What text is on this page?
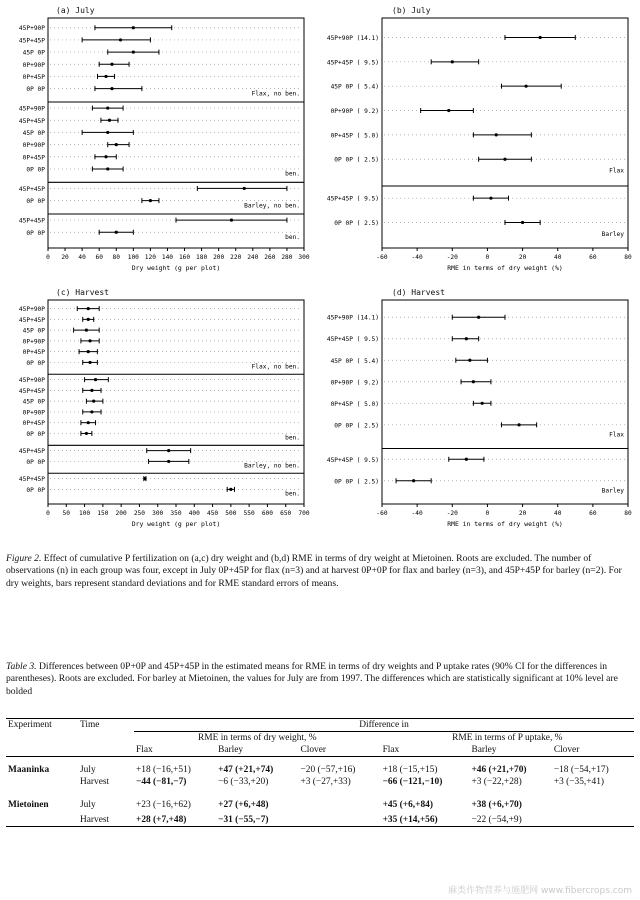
(a) July
45P+90P
45P+45P
45P 0P
0P+90P
0P+45P
0P 0P
Flax, no ben.
45P+90P
45P+45P
45P 0P
0P+90P
0P+45P
0P 0P
ben.
45P+45P
0P 0P
Barley, no ben.
45P+45P
0P 0P
ben.
0 20 40 60 80 100 120 140 160 180 200 220 240 260 280 300
Dry weight (g per plot)
(b) July
45P+90P (14.1)
45P+45P ( 9.5)
45P 0P ( 5.4)
0P+90P ( 9.2)
0P+45P ( 5.0)
0P 0P ( 2.5)
Flax
45P+45P ( 9.5)
0P 0P ( 2.5)
Barley
-60	-40	-20	0	20	40	60	80
RME in terms of dry weight (%)
(c) Harvest
45P+90P
45P+45P
45P 0P
0P+90P
0P+45P
0P 0P	Flax, no ben.
45P+90P
45P+45P
45P 0P
0P+90P
0P+45P
0P 0P	ben.
45P+45P
0P 0P	Barley, no ben.
45P+45P
0P 0P	ben.
0 50 100 150 200 250 300 350 400 450 500 550 600 650 700
Dry weight (g per plot)
(d) Harvest
45P+90P (14.1)
45P+45P ( 9.5)
45P 0P ( 5.4)
0P+90P ( 9.2)
0P+45P ( 5.0)
0P 0P ( 2.5)
Flax
45P+45P ( 9.5)
0P 0P ( 2.5)
Barley
-60	-40	-20	0	20	40	60	80
RME in terms of dry weight (%)
Figure 2. Effect of cumulative P fertilization on (a,c) dry weight and (b,d) RME in terms of dry weight at Mietoinen. Roots are excluded. The number of observations (n) in each group was four, except in July 0P+45P for flax (n=3) and at harvest 0P+0P for flax and barley (n=3), and 45P+45P for barley (n=2). For dry weights, bars represent standard deviations and for RME standard errors of means.
Table 3. Differences between 0P+0P and 45P+45P in the estimated means for RME in terms of dry weights and P uptake rates (90% CI for the differences in parentheses). Roots are excluded. For barley at Mietoinen, the values for July are from 1997. The differences which are statistically significant at 10% level are bolded
Experiment	Time	Difference in					
		RME in terms of dry weight, %			RME in terms of P uptake, %		
		Flax	Barley	Clover	Flax	Barley	Clover
Maaninka	July	+18 (−16,+51)	+47 (+21,+74)	−20 (−57,+16)	+18 (−15,+15)	+46 (+21,+70)	−18 (−54,+17)
	Harvest	−44 (−81,−7)	−6 (−33,+20)	+3 (−27,+33)	−66 (−121,−10)	+3 (−22,+28)	+3 (−35,+41)
Mietoinen	July	+23 (−16,+62)	+27 (+6,+48)		+45 (+6,+84)	+38 (+6,+70)	
	Harvest	+28 (+7,+48)	−31 (−55,−7)		+35 (+14,+56)	−22 (−54,+9)	
麻类作物营养与施肥网 www.fibercrops.com
